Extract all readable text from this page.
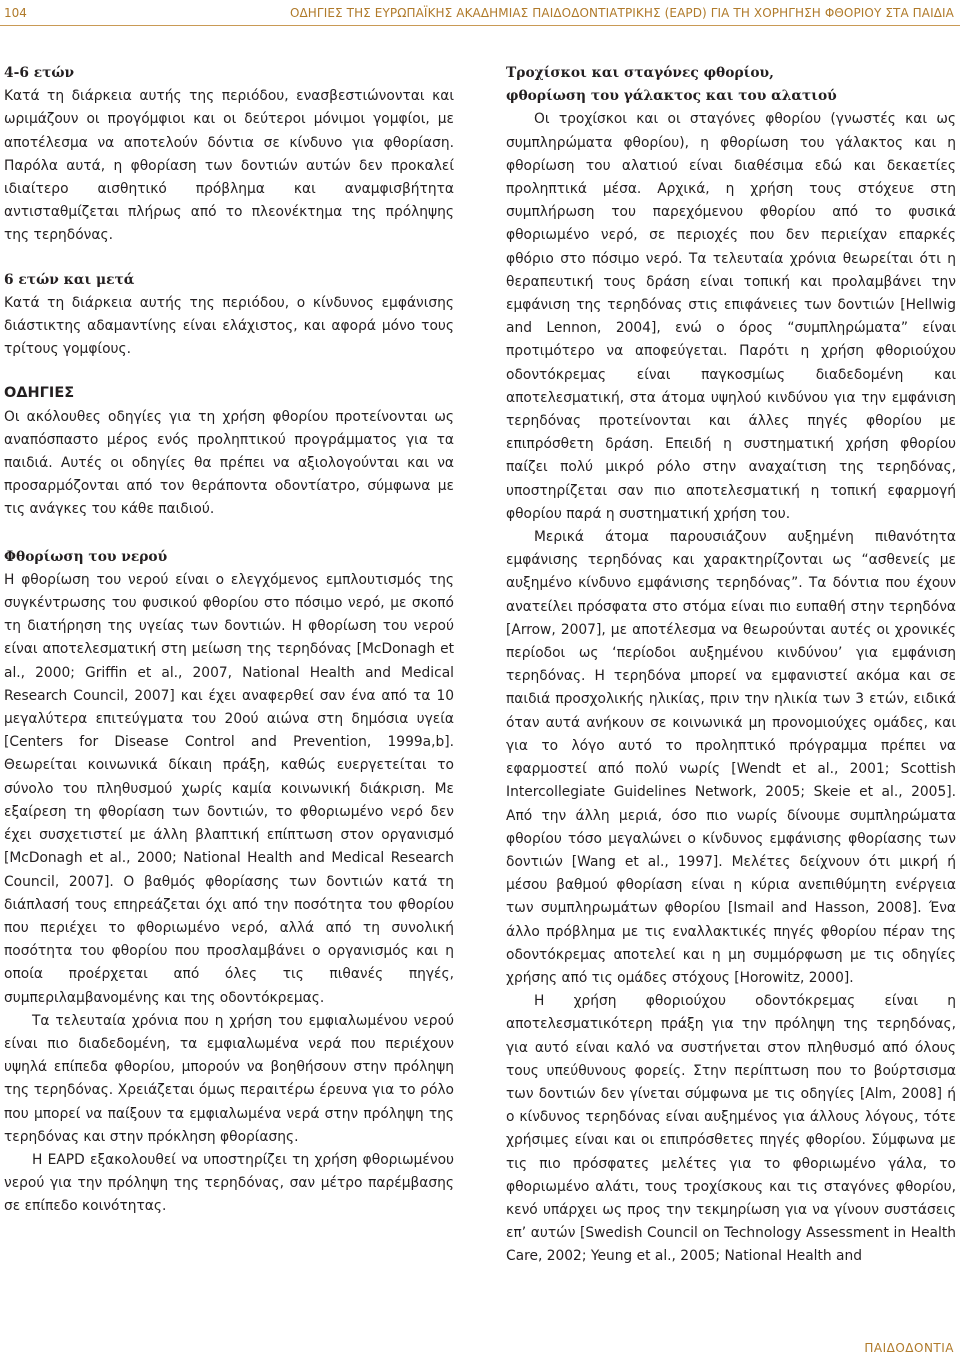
104	ΟΔΗΓΙΕΣ ΤΗΣ ΕΥΡΩΠΑΪΚΗΣ ΑΚΑΔΗΜΙΑΣ ΠΑΙΔΟΔΟΝΤΙΑΤΡΙΚΗΣ (EAPD) ΓΙΑ ΤΗ ΧΟΡΗΓΗΣΗ ΦΘΟΡΙΟΥ ΣΤΑ ΠΑΙΔΙΑ

4-6 ετών

Κατά τη διάρκεια αυτής της περιόδου, ενασβεστιώνονται και ωριμάζουν οι προγόμφιοι και οι δεύτεροι μόνιμοι γομφίοι, με αποτέλεσμα να αποτελούν δόντια σε κίνδυνο για φθορίαση. Παρόλα αυτά, η φθορίαση των δοντιών αυτών δεν προκαλεί ιδιαίτερο αισθητικό πρόβλημα και αναμφισβήτητα αντισταθμίζεται πλήρως από το πλεονέκτημα της πρόληψης της τερηδόνας.

6 ετών και μετά

Κατά τη διάρκεια αυτής της περιόδου, ο κίνδυνος εμφάνισης διάστικτης αδαμαντίνης είναι ελάχιστος, και αφορά μόνο τους τρίτους γομφίους.

ΟΔΗΓΙΕΣ

Οι ακόλουθες οδηγίες για τη χρήση φθορίου προτείνονται ως αναπόσπαστο μέρος ενός προληπτικού προγράμματος για τα παιδιά. Αυτές οι οδηγίες θα πρέπει να αξιολογούνται και να προσαρμόζονται από τον θεράποντα οδοντίατρο, σύμφωνα με τις ανάγκες του κάθε παιδιού.

Φθορίωση του νερού

Η φθορίωση του νερού είναι ο ελεγχόμενος εμπλουτισμός της συγκέντρωσης του φυσικού φθορίου στο πόσιμο νερό, με σκοπό τη διατήρηση της υγείας των δοντιών. Η φθορίωση του νερού είναι αποτελεσματική στη μείωση της τερηδόνας [McDonagh et al., 2000; Griffin et al., 2007, National Health and Medical Research Council, 2007] και έχει αναφερθεί σαν ένα από τα 10 μεγαλύτερα επιτεύγματα του 20ού αιώνα στη δημόσια υγεία [Centers for Disease Control and Prevention, 1999a,b]. Θεωρείται κοινωνικά δίκαιη πράξη, καθώς ευεργετείται το σύνολο του πληθυσμού χωρίς καμία κοινωνική διάκριση. Με εξαίρεση τη φθορίαση των δοντιών, το φθοριωμένο νερό δεν έχει συσχετιστεί με άλλη βλαπτική επίπτωση στον οργανισμό [McDonagh et al., 2000; National Health and Medical Research Council, 2007]. Ο βαθμός φθορίασης των δοντιών κατά τη διάπλασή τους επηρεάζεται όχι από την ποσότητα του φθορίου που περιέχει το φθοριωμένο νερό, αλλά από τη συνολική ποσότητα του φθορίου που προσλαμβάνει ο οργανισμός και η οποία προέρχεται από όλες τις πιθανές πηγές, συμπεριλαμβανομένης και της οδοντόκρεμας.

Τα τελευταία χρόνια που η χρήση του εμφιαλωμένου νερού είναι πιο διαδεδομένη, τα εμφιαλωμένα νερά που περιέχουν υψηλά επίπεδα φθορίου, μπορούν να βοηθήσουν στην πρόληψη της τερηδόνας. Χρειάζεται όμως περαιτέρω έρευνα για το ρόλο που μπορεί να παίξουν τα εμφιαλωμένα νερά στην πρόληψη της τερηδόνας και στην πρόκληση φθορίασης.

Η EAPD εξακολουθεί να υποστηρίζει τη χρήση φθοριωμένου νερού για την πρόληψη της τερηδόνας, σαν μέτρο παρέμβασης σε επίπεδο κοινότητας.

Τροχίσκοι και σταγόνες φθορίου,

φθορίωση του γάλακτος και του αλατιού

Οι τροχίσκοι και οι σταγόνες φθορίου (γνωστές και ως συμπληρώματα φθορίου), η φθορίωση του γάλακτος και η φθορίωση του αλατιού είναι διαθέσιμα εδώ και δεκαετίες προληπτικά μέσα. Αρχικά, η χρήση τους στόχευε στη συμπλήρωση του παρεχόμενου φθορίου από το φυσικά φθοριωμένο νερό, σε περιοχές που δεν περιείχαν επαρκές φθόριο στο πόσιμο νερό. Τα τελευταία χρόνια θεωρείται ότι η θεραπευτική τους δράση είναι τοπική και προλαμβάνει την εμφάνιση της τερηδόνας στις επιφάνειες των δοντιών [Hellwig and Lennon, 2004], ενώ ο όρος “συμπληρώματα” είναι προτιμότερο να αποφεύγεται. Παρότι η χρήση φθοριούχου οδοντόκρεμας είναι παγκοσμίως διαδεδομένη και αποτελεσματική, στα άτομα υψηλού κινδύνου για την εμφάνιση τερηδόνας προτείνονται και άλλες πηγές φθορίου με επιπρόσθετη δράση. Επειδή η συστηματική χρήση φθορίου παίζει πολύ μικρό ρόλο στην αναχαίτιση της τερηδόνας, υποστηρίζεται σαν πιο αποτελεσματική η τοπική εφαρμογή φθορίου παρά η συστηματική χρήση του.

Μερικά άτομα παρουσιάζουν αυξημένη πιθανότητα εμφάνισης τερηδόνας και χαρακτηρίζονται ως “ασθενείς με αυξημένο κίνδυνο εμφάνισης τερηδόνας”. Τα δόντια που έχουν ανατείλει πρόσφατα στο στόμα είναι πιο ευπαθή στην τερηδόνα [Arrow, 2007], με αποτέλεσμα να θεωρούνται αυτές οι χρονικές περίοδοι ως ‘περίοδοι αυξημένου κινδύνου’ για εμφάνιση τερηδόνας. Η τερηδόνα μπορεί να εμφανιστεί ακόμα και σε παιδιά προσχολικής ηλικίας, πριν την ηλικία των 3 ετών, ειδικά όταν αυτά ανήκουν σε κοινωνικά μη προνομιούχες ομάδες, και για το λόγο αυτό το προληπτικό πρόγραμμα πρέπει να εφαρμοστεί από πολύ νωρίς [Wendt et al., 2001; Scottish Intercollegiate Guidelines Network, 2005; Skeie et al., 2005]. Από την άλλη μεριά, όσο πιο νωρίς δίνουμε συμπληρώματα φθορίου τόσο μεγαλώνει ο κίνδυνος εμφάνισης φθορίασης των δοντιών [Wang et al., 1997]. Μελέτες δείχνουν ότι μικρή ή μέσου βαθμού φθορίαση είναι η κύρια ανεπιθύμητη ενέργεια των συμπληρωμάτων φθορίου [Ismail and Hasson, 2008]. Ένα άλλο πρόβλημα με τις εναλλακτικές πηγές φθορίου πέραν της οδοντόκρεμας αποτελεί και η μη συμμόρφωση με τις οδηγίες χρήσης από τις ομάδες στόχους [Horowitz, 2000].

Η χρήση φθοριούχου οδοντόκρεμας είναι η αποτελεσματικότερη πράξη για την πρόληψη της τερηδόνας, για αυτό είναι καλό να συστήνεται στον πληθυσμό από όλους τους υπεύθυνους φορείς. Στην περίπτωση που το βούρτσισμα των δοντιών δεν γίνεται σύμφωνα με τις οδηγίες [Alm, 2008] ή ο κίνδυνος τερηδόνας είναι αυξημένος για άλλους λόγους, τότε χρήσιμες είναι και οι επιπρόσθετες πηγές φθορίου. Σύμφωνα με τις πιο πρόσφατες μελέτες για το φθοριωμένο γάλα, το φθοριωμένο αλάτι, τους τροχίσκους και τις σταγόνες φθορίου, κενό υπάρχει ως προς την τεκμηρίωση για να γίνουν συστάσεις επ’ αυτών [Swedish Council on Technology Assessment in Health Care, 2002; Yeung et al., 2005; National Health and

ΠΑΙΔΟΔΟΝΤΙΑ
